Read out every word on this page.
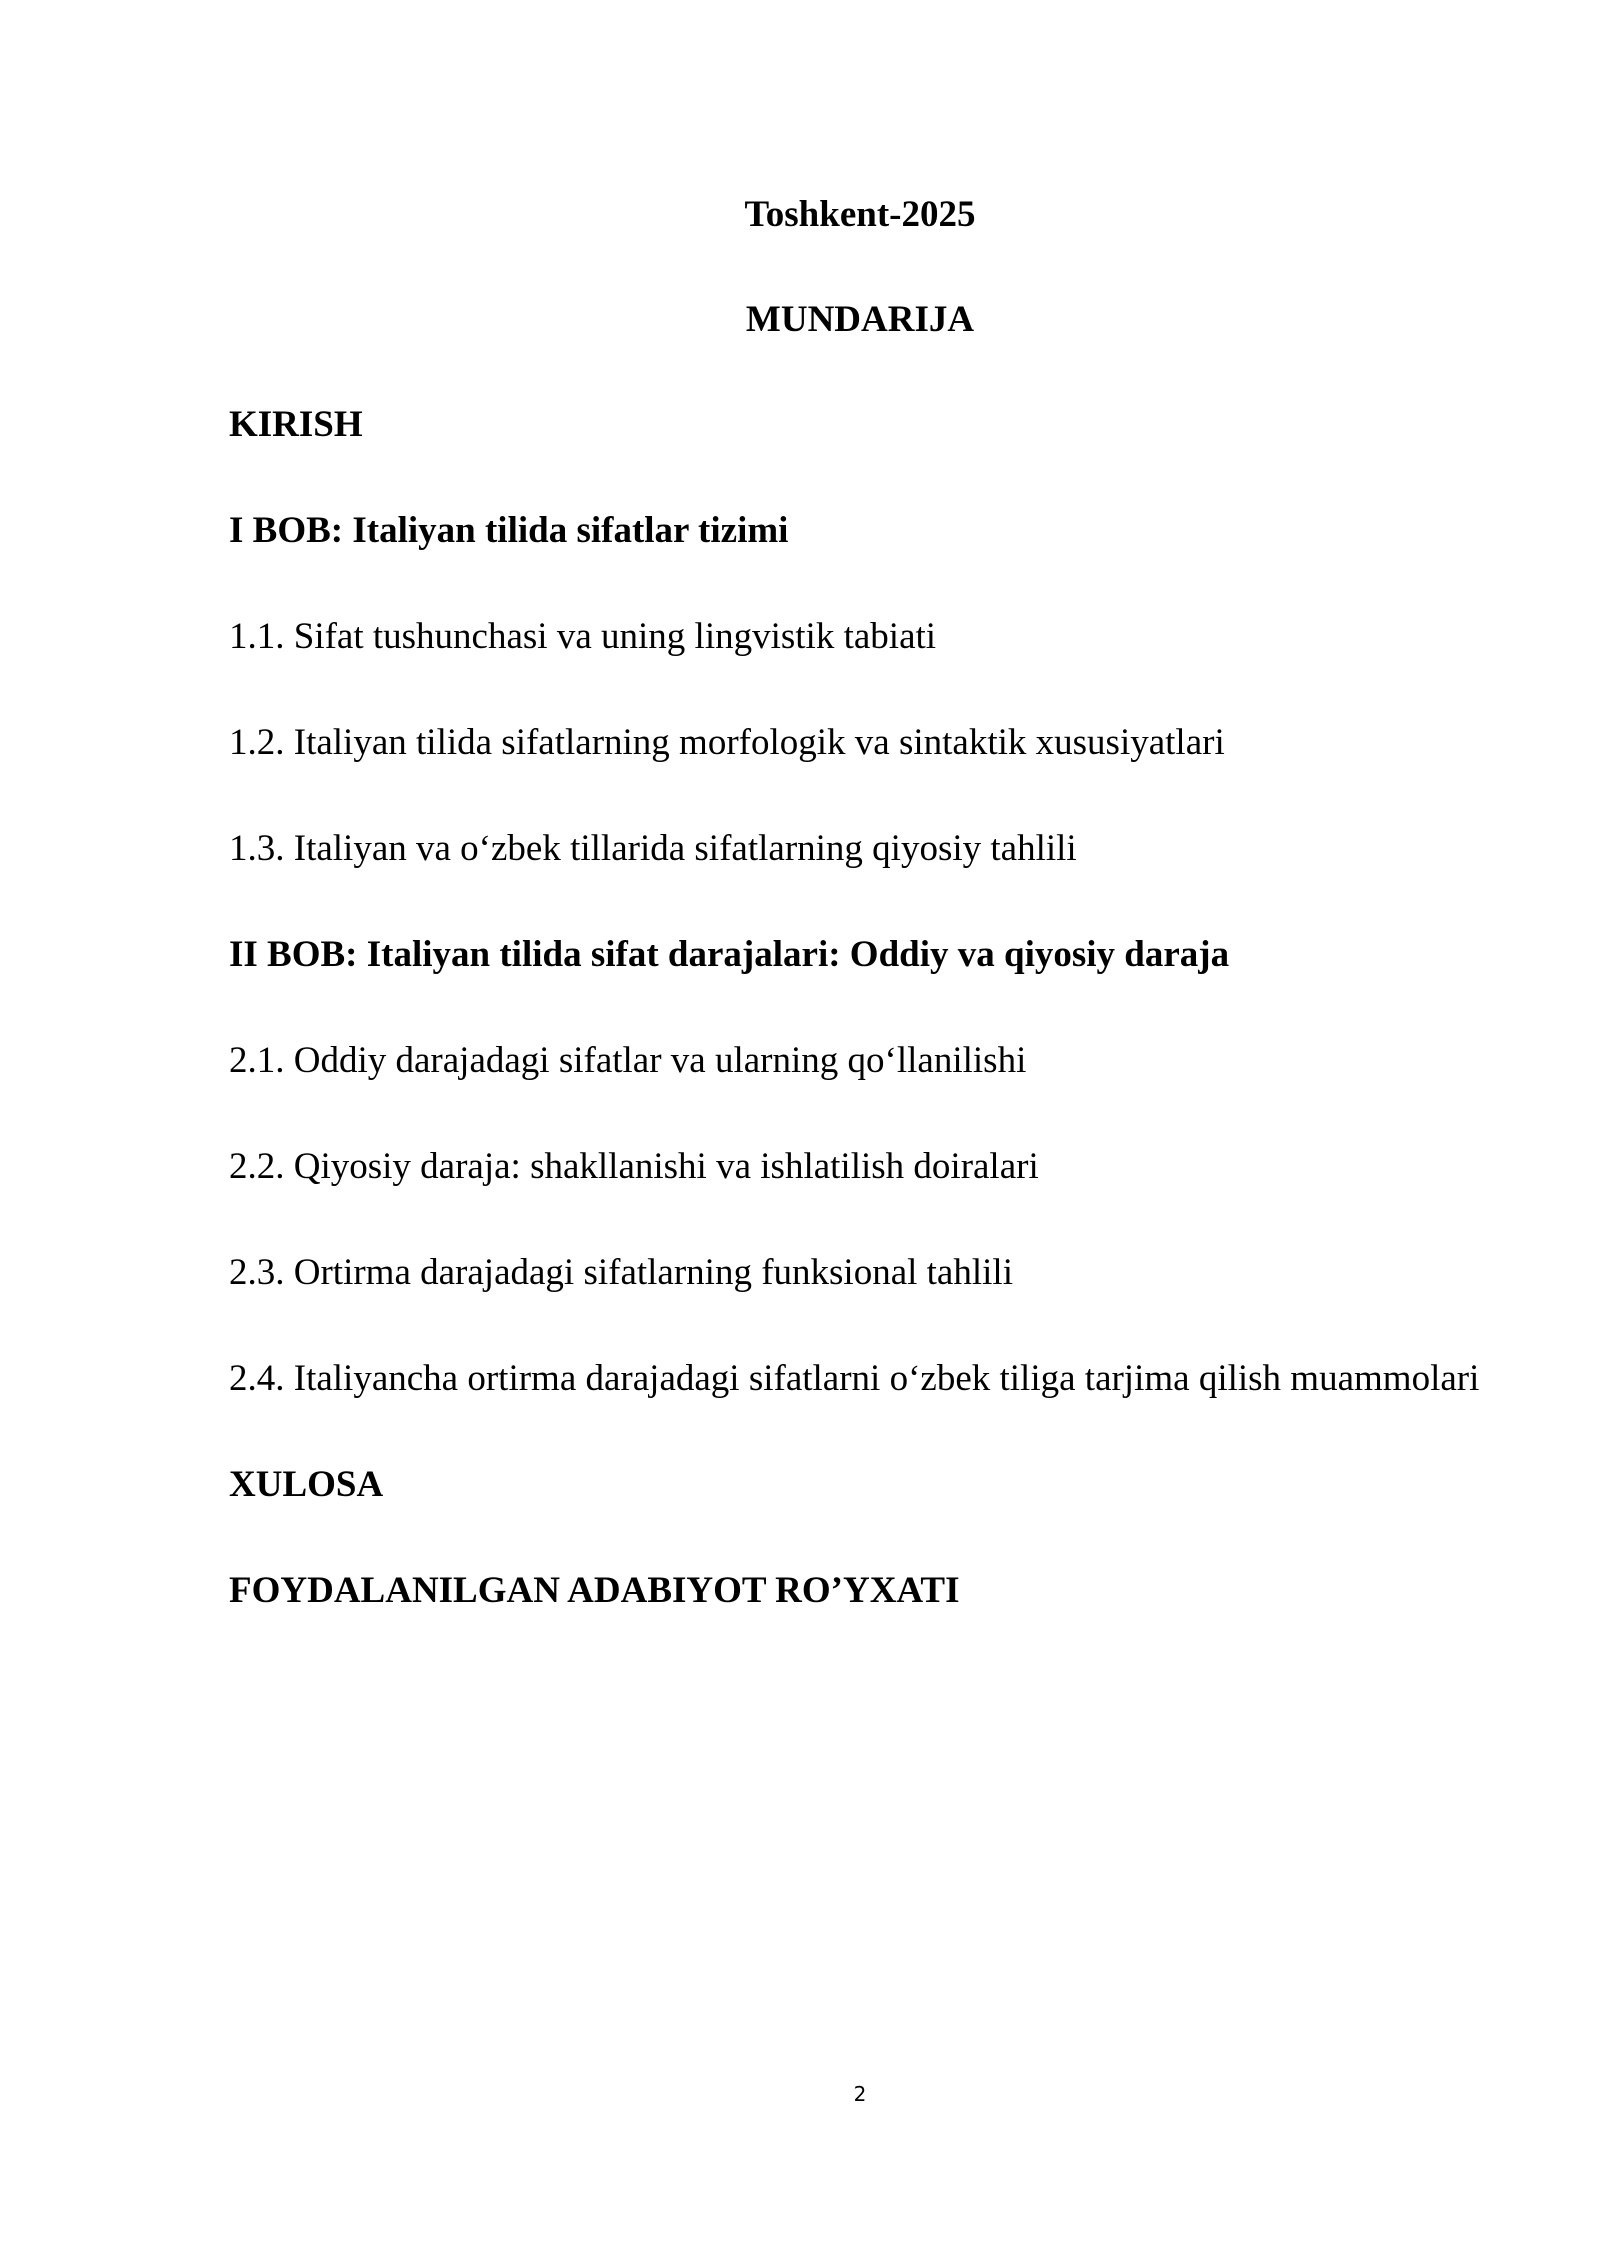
Toshkent-2025
MUNDARIJA
KIRISH
I BOB: Italiyan tilida sifatlar tizimi
1.1. Sifat tushunchasi va uning lingvistik tabiati
1.2. Italiyan tilida sifatlarning morfologik va sintaktik xususiyatlari
1.3. Italiyan va o‘zbek tillarida sifatlarning qiyosiy tahlili
II BOB: Italiyan tilida sifat darajalari: Oddiy va qiyosiy daraja
2.1. Oddiy darajadagi sifatlar va ularning qo‘llanilishi
2.2. Qiyosiy daraja: shakllanishi va ishlatilish doiralari
2.3. Ortirma darajadagi sifatlarning funksional tahlili
2.4. Italiyancha ortirma darajadagi sifatlarni o‘zbek tiliga tarjima qilish muammolari
XULOSA
FOYDALANILGAN ADABIYOT RO’YXATI
2
